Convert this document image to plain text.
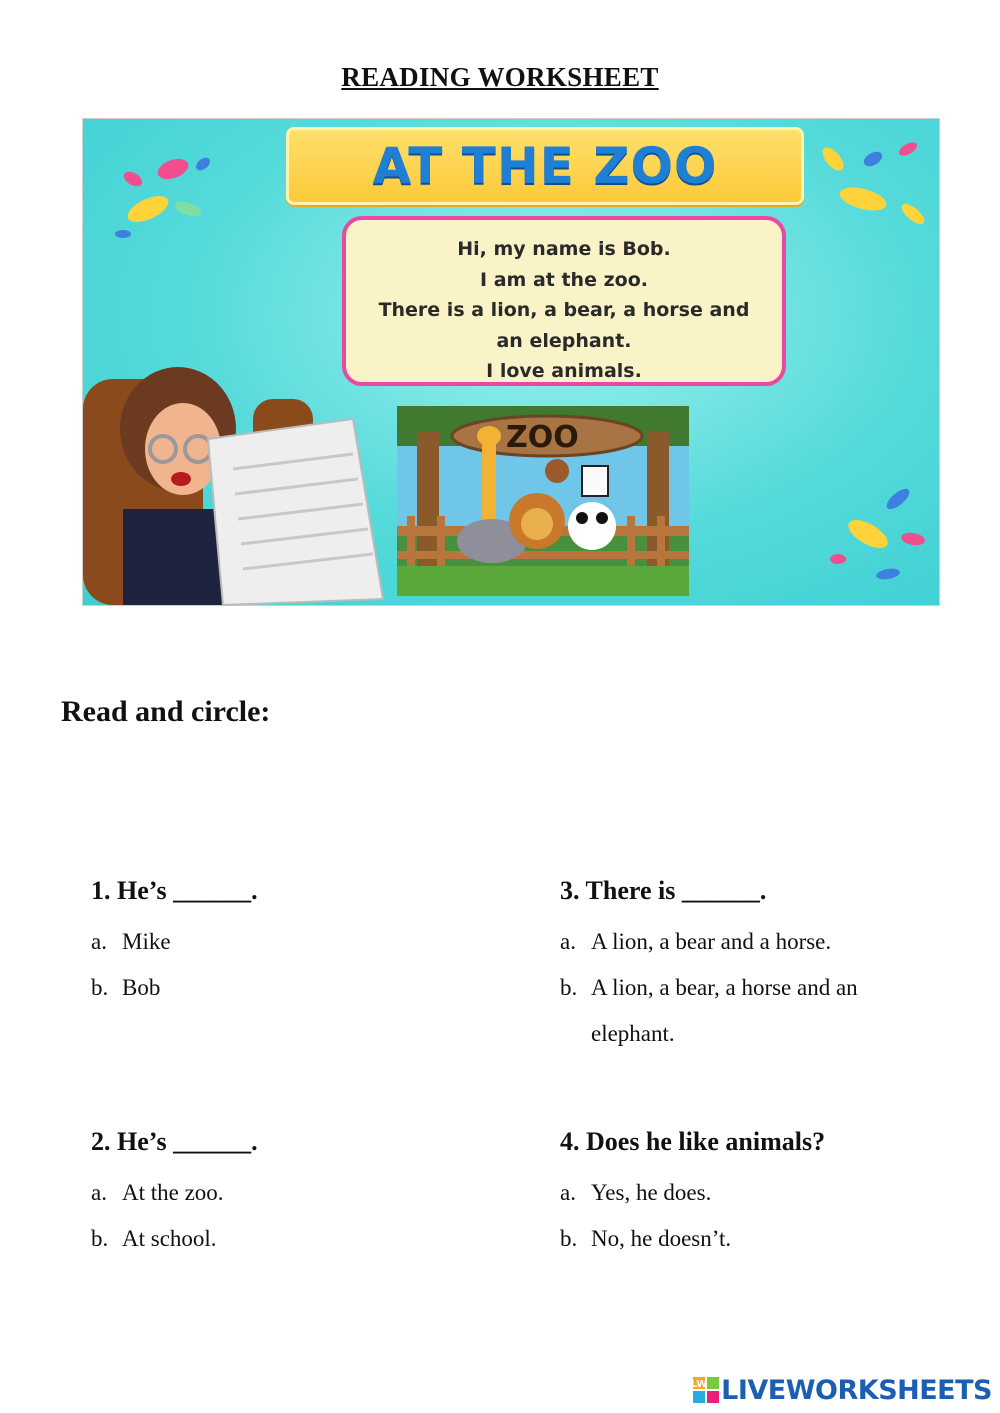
READING WORKSHEET
AT THE ZOO
Hi, my name is Bob.
I am at the zoo.
There is a lion, a bear, a horse and
an elephant.
I love animals.
ZOO
Read and circle:
1. He’s ______.
a. Mike
b. Bob
2. He’s ______.
a. At the zoo.
b. At school.
3. There is ______.
a. A lion, a bear and a horse.
b. A lion, a bear, a horse and an
elephant.
4. Does he like animals?
a. Yes, he does.
b. No, he doesn’t.
LW LIVEWORKSHEETS
